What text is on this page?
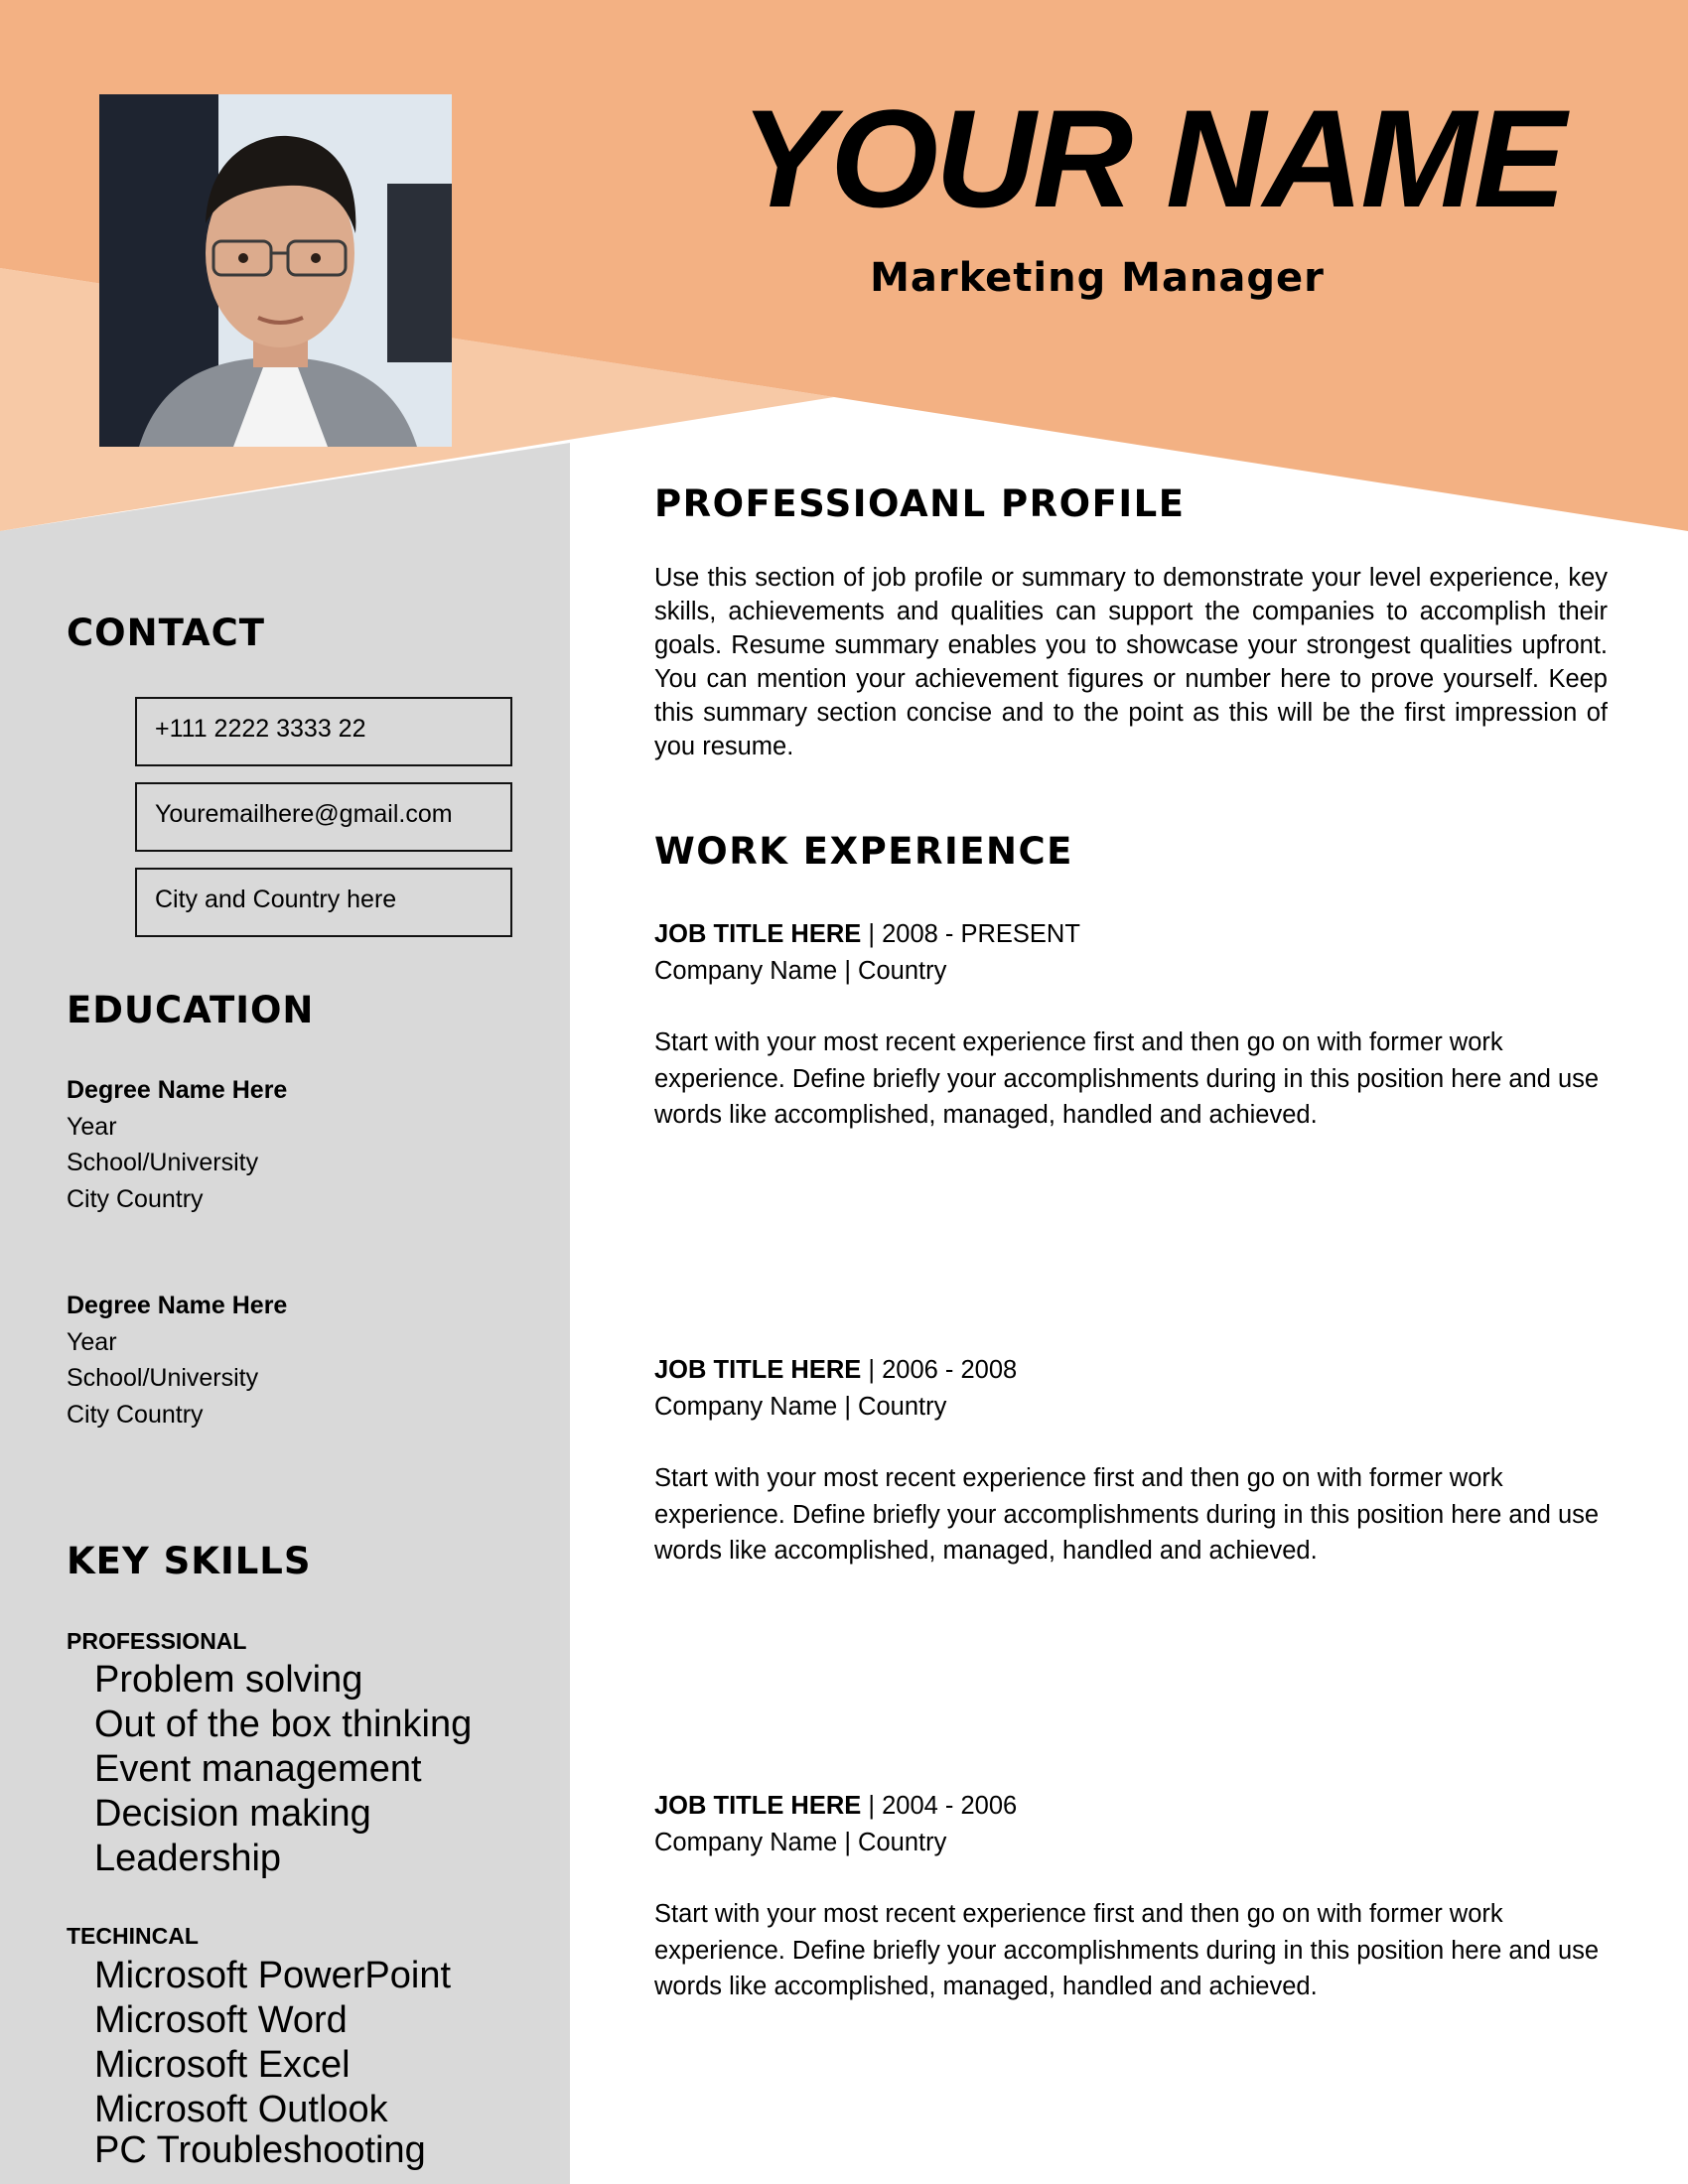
YOUR NAME
Marketing Manager
CONTACT
+111 2222 3333 22
Youremailhere@gmail.com
City and Country here
EDUCATION
Degree Name Here
Year
School/University
City Country
Degree Name Here
Year
School/University
City Country
KEY SKILLS
PROFESSIONAL
Problem solving
Out of the box thinking
Event management
Decision making
Leadership
TECHINCAL
Microsoft PowerPoint
Microsoft Word
Microsoft Excel
Microsoft Outlook
PC Troubleshooting
PROFESSIOANL PROFILE
Use this section of job profile or summary to demonstrate your level experience, key skills, achievements and qualities can support the companies to accomplish their goals. Resume summary enables you to showcase your strongest qualities upfront. You can mention your achievement figures or number here to prove yourself. Keep this summary section concise and to the point as this will be the first impression of you resume.
WORK EXPERIENCE
JOB TITLE HERE | 2008 - PRESENT
Company Name | Country
Start with your most recent experience first and then go on with former work experience. Define briefly your accomplishments during in this position here and use words like accomplished, managed, handled and achieved.
JOB TITLE HERE | 2006 - 2008
Company Name | Country
Start with your most recent experience first and then go on with former work experience. Define briefly your accomplishments during in this position here and use words like accomplished, managed, handled and achieved.
JOB TITLE HERE | 2004 - 2006
Company Name | Country
Start with your most recent experience first and then go on with former work experience. Define briefly your accomplishments during in this position here and use words like accomplished, managed, handled and achieved.
